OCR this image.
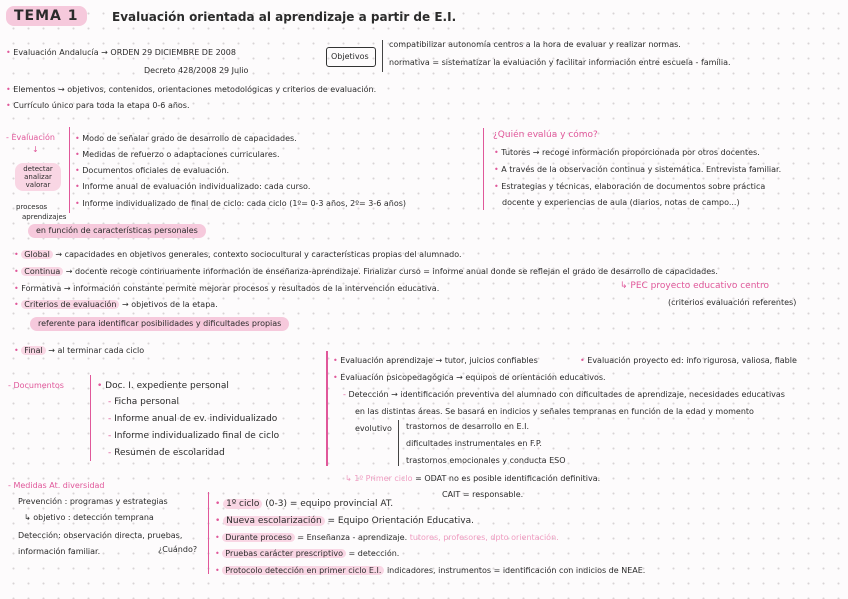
TEMA 1	Evaluación orientada al aprendizaje a partir de E.I.
• Evaluación Andalucía → ORDEN 29 DICIEMBRE DE 2008
Decreto 428/2008 29 Julio
Objetivos
compatibilizar autonomía centros a la hora de evaluar y realizar normas.
normativa = sistematizar la evaluación y facilitar información entre escuela - familia.
• Elementos → objetivos, contenidos, orientaciones metodológicas y criterios de evaluación.
• Currículo único para toda la etapa 0-6 años.
- Evaluación
↓
detectar
analizar
valorar
procesos
aprendizajes
• Modo de señalar grado de desarrollo de capacidades.
• Medidas de refuerzo o adaptaciones curriculares.
• Documentos oficiales de evaluación.
• Informe anual de evaluación individualizado: cada curso.
• Informe individualizado de final de ciclo: cada ciclo (1º= 0-3 años, 2º= 3-6 años)
en función de características personales
¿Quién evalúa y cómo?
• Tutores → recoge información proporcionada por otros docentes.
• A través de la observación continua y sistemática. Entrevista familiar.
• Estrategias y técnicas, elaboración de documentos sobre práctica
docente y experiencias de aula (diarios, notas de campo...)
• Global → capacidades en objetivos generales, contexto sociocultural y características propias del alumnado.
• Continua → docente recoge continuamente información de enseñanza-aprendizaje. Finalizar curso = informe anual donde se reflejan el grado de desarrollo de capacidades.
• Formativa → información constante permite mejorar procesos y resultados de la intervención educativa.
• Criterios de evaluación → objetivos de la etapa.
referente para identificar posibilidades y dificultades propias
↳ PEC proyecto educativo centro
(criterios evaluación referentes)
• Final → al terminar cada ciclo
- Documentos	• Doc. I. expediente personal
- Ficha personal
- Informe anual de ev. individualizado
- Informe individualizado final de ciclo
- Resumen de escolaridad
• Evaluación aprendizaje → tutor, juicios confiables	• Evaluación proyecto ed: info rigurosa, valiosa, fiable
• Evaluación psicopedagógica → equipos de orientación educativos.
- Detección → identificación preventiva del alumnado con dificultades de aprendizaje, necesidades educativas
en las distintas áreas. Se basará en indicios y señales tempranas en función de la edad y momento
evolutivo trastornos de desarrollo en E.I.
dificultades instrumentales en F.P.
trastornos emocionales y conducta ESO
↳ 1º Primer ciclo = ODAT no es posible identificación definitiva.
CAIT = responsable.
- Medidas At. diversidad
Prevención : programas y estrategias
↳ objetivo : detección temprana
Detección: observación directa, pruebas,
información familiar.	¿Cuándo?
• 1º ciclo (0-3) = equipo provincial AT.
• Nueva escolarización = Equipo Orientación Educativa.
• Durante proceso = Enseñanza - aprendizaje. tutores, profesores, dpto orientación.
• Pruebas carácter prescriptivo = detección.
• Protocolo detección en primer ciclo E.I. indicadores, instrumentos = identificación con indicios de NEAE.
